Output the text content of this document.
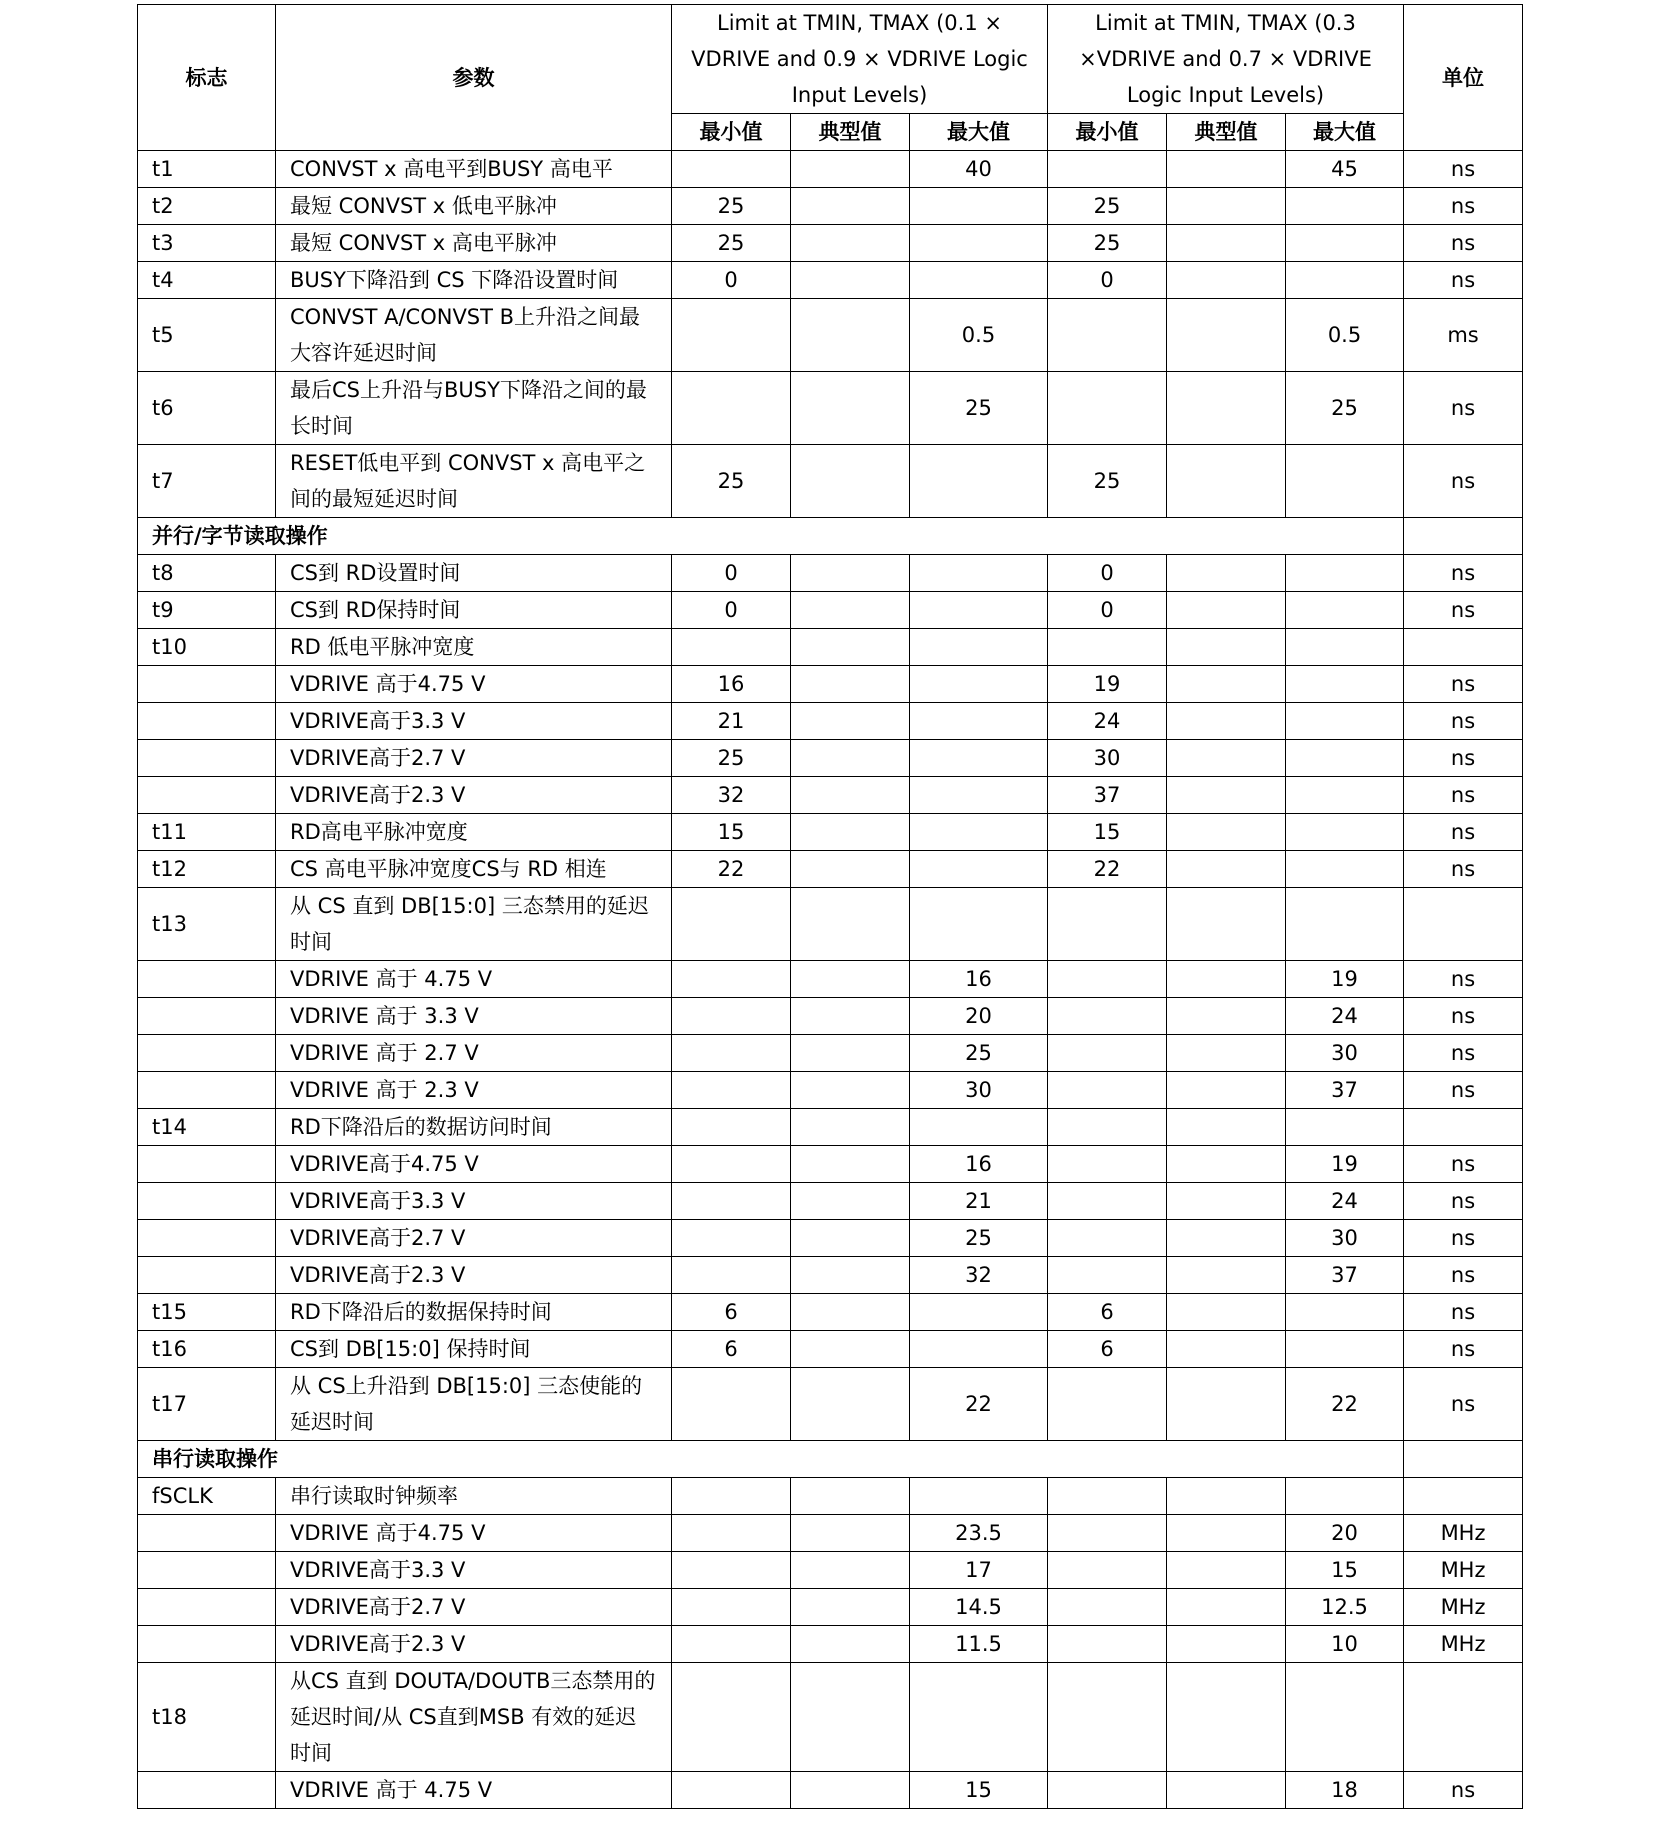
标志	参数	Limit at TMIN, TMAX (0.1 × VDRIVE and 0.9 × VDRIVE Logic Input Levels)			Limit at TMIN, TMAX (0.3 ×VDRIVE and 0.7 × VDRIVE Logic Input Levels)			单位
		最小值	典型值	最大值	最小值	典型值	最大值	
t1	CONVST x 高电平到BUSY 高电平			40			45	ns
t2	最短 CONVST x 低电平脉冲	25			25			ns
t3	最短 CONVST x 高电平脉冲	25			25			ns
t4	BUSY下降沿到 CS 下降沿设置时间	0			0			ns
t5	CONVST A/CONVST B上升沿之间最大容许延迟时间			0.5			0.5	ms
t6	最后CS上升沿与BUSY下降沿之间的最长时间			25			25	ns
t7	RESET低电平到 CONVST x 高电平之间的最短延迟时间	25			25			ns
并行/字节读取操作								
t8	CS到 RD设置时间	0			0			ns
t9	CS到 RD保持时间	0			0			ns
t10	RD 低电平脉冲宽度							
	VDRIVE 高于4.75 V	16			19			ns
	VDRIVE高于3.3 V	21			24			ns
	VDRIVE高于2.7 V	25			30			ns
	VDRIVE高于2.3 V	32			37			ns
t11	RD高电平脉冲宽度	15			15			ns
t12	CS 高电平脉冲宽度CS与 RD 相连	22			22			ns
t13	从 CS 直到 DB[15:0] 三态禁用的延迟时间							
	VDRIVE 高于 4.75 V			16			19	ns
	VDRIVE 高于 3.3 V			20			24	ns
	VDRIVE 高于 2.7 V			25			30	ns
	VDRIVE 高于 2.3 V			30			37	ns
t14	RD下降沿后的数据访问时间							
	VDRIVE高于4.75 V			16			19	ns
	VDRIVE高于3.3 V			21			24	ns
	VDRIVE高于2.7 V			25			30	ns
	VDRIVE高于2.3 V			32			37	ns
t15	RD下降沿后的数据保持时间	6			6			ns
t16	CS到 DB[15:0] 保持时间	6			6			ns
t17	从 CS上升沿到 DB[15:0] 三态使能的延迟时间			22			22	ns
串行读取操作								
fSCLK	串行读取时钟频率							
	VDRIVE 高于4.75 V			23.5			20	MHz
	VDRIVE高于3.3 V			17			15	MHz
	VDRIVE高于2.7 V			14.5			12.5	MHz
	VDRIVE高于2.3 V			11.5			10	MHz
t18	从CS 直到 DOUTA/DOUTB三态禁用的延迟时间/从 CS直到MSB 有效的延迟时间							
	VDRIVE 高于 4.75 V			15			18	ns
